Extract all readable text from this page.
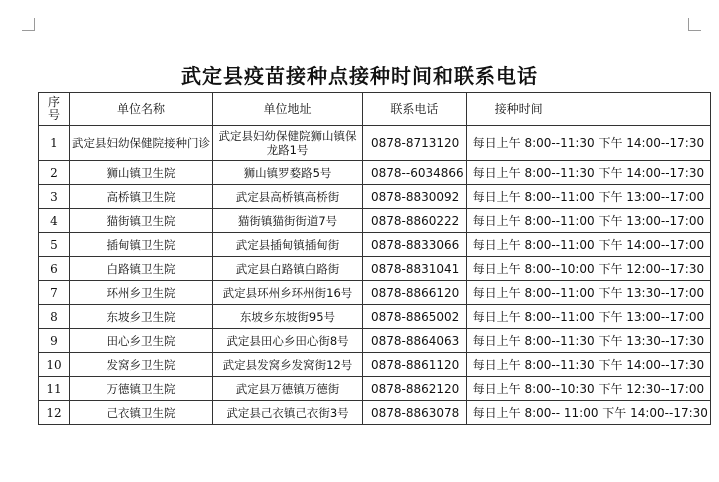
武定县疫苗接种点接种时间和联系电话
序号	单位名称	单位地址	联系电话	接种时间
1	武定县妇幼保健院接种门诊	武定县妇幼保健院狮山镇保龙路1号	0878-8713120	每日上午 8:00--11:30 下午 14:00--17:30
2	狮山镇卫生院	狮山镇罗婺路5号	0878--6034866	每日上午 8:00--11:30 下午 14:00--17:30
3	高桥镇卫生院	武定县高桥镇高桥街	0878-8830092	每日上午 8:00--11:00 下午 13:00--17:00
4	猫街镇卫生院	猫街镇猫街街道7号	0878-8860222	每日上午 8:00--11:00 下午 13:00--17:00
5	插甸镇卫生院	武定县插甸镇插甸街	0878-8833066	每日上午 8:00--11:00 下午 14:00--17:00
6	白路镇卫生院	武定县白路镇白路街	0878-8831041	每日上午 8:00--10:00 下午 12:00--17:30
7	环州乡卫生院	武定县环州乡环州街16号	0878-8866120	每日上午 8:00--11:00 下午 13:30--17:00
8	东坡乡卫生院	东坡乡东坡街95号	0878-8865002	每日上午 8:00--11:00 下午 13:00--17:00
9	田心乡卫生院	武定县田心乡田心街8号	0878-8864063	每日上午 8:00--11:30 下午 13:30--17:30
10	发窝乡卫生院	武定县发窝乡发窝街12号	0878-8861120	每日上午 8:00--11:30 下午 14:00--17:30
11	万德镇卫生院	武定县万德镇万德街	0878-8862120	每日上午 8:00--10:30 下午 12:30--17:00
12	己衣镇卫生院	武定县己衣镇己衣街3号	0878-8863078	每日上午 8:00-- 11:00 下午 14:00--17:30
